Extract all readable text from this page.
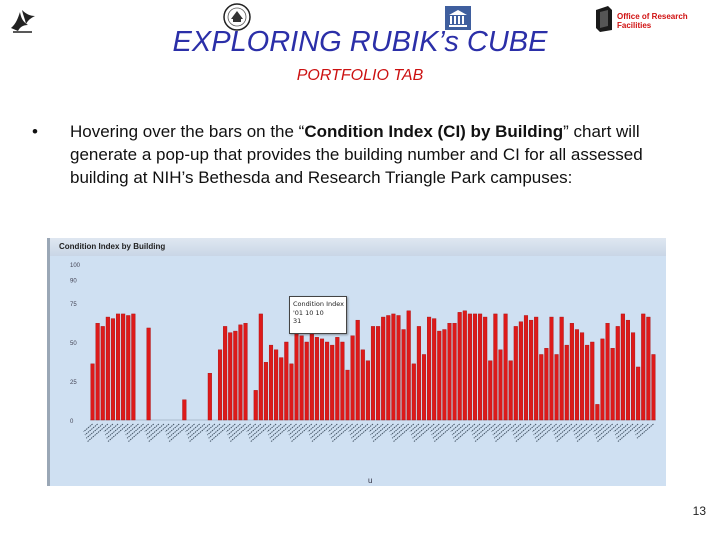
Office of Research Facilities
EXPLORING RUBIK’s CUBE
PORTFOLIO TAB
•	Hovering over the bars on the “Condition Index (CI) by Building” chart will generate a pop-up that provides the building number and CI for all assessed building at NIH’s Bethesda and Research Triangle Park campuses:
Condition Index by Building
0
25
50
75
90
100
u
Condition Index
'01 10 10
31
13
